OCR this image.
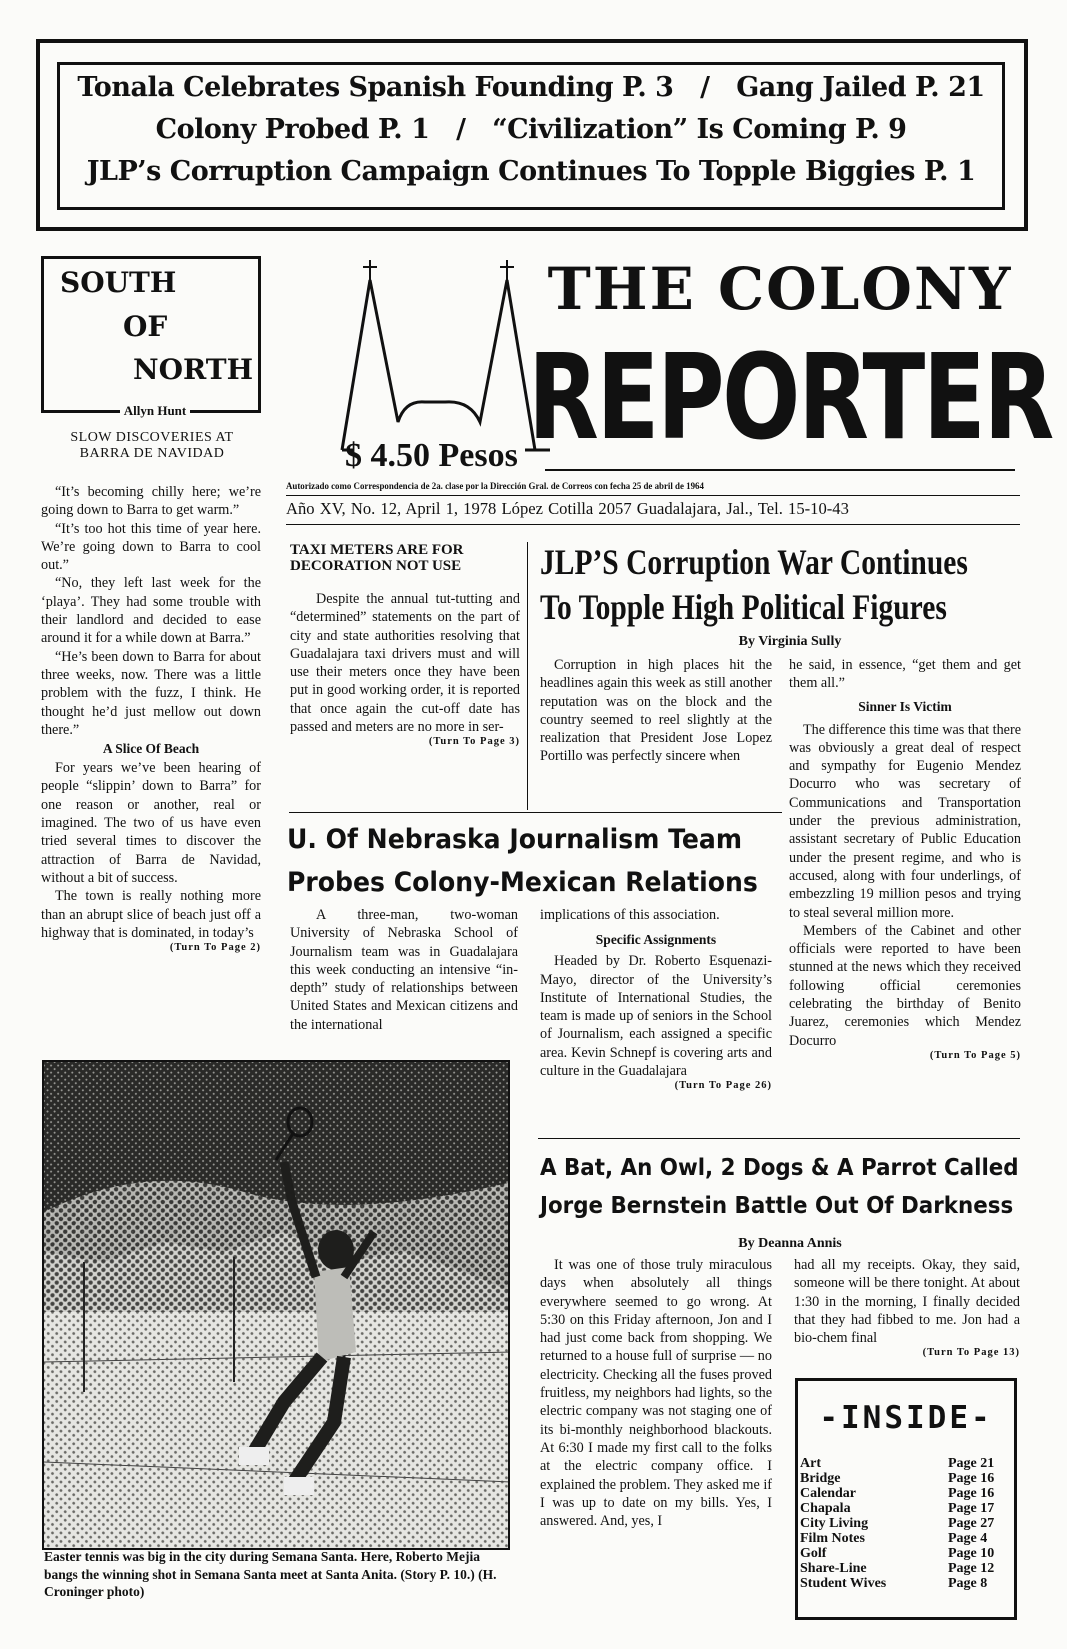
Tonala Celebrates Spanish Founding P. 3 / Gang Jailed P. 21
Colony Probed P. 1 / “Civilization” Is Coming P. 9
JLP’s Corruption Campaign Continues To Topple Biggies P. 1
SOUTH
OF
NORTH
Allyn Hunt
SLOW DISCOVERIES AT BARRA DE NAVIDAD

“It’s becoming chilly here; we’re going down to Barra to get warm.”

“It’s too hot this time of year here. We’re going down to Barra to cool out.”

“No, they left last week for the ‘playa’. They had some trouble with their landlord and decided to ease around it for a while down at Barra.”

“He’s been down to Barra for about three weeks, now. There was a little problem with the fuzz, I think. He thought he’d just mellow out down there.”

A Slice Of Beach

For years we’ve been hearing of people “slippin’ down to Barra” for one reason or another, real or imagined. The two of us have even tried several times to discover the attraction of Barra de Navidad, without a bit of success.

The town is really nothing more than an abrupt slice of beach just off a highway that is dominated, in today’s

(Turn To Page 2)
THE COLONY
REPORTER
$ 4.50 Pesos
Autorizado como Correspondencia de 2a. clase por la Dirección Gral. de Correos con fecha 25 de abril de 1964
Año XV, No. 12, April 1, 1978 López Cotilla 2057 Guadalajara, Jal., Tel. 15-10-43
TAXI METERS ARE FOR DECORATION NOT USE

Despite the annual tut-tutting and “determined” statements on the part of city and state authorities resolving that Guadalajara taxi drivers must and will use their meters once they have been put in good working order, it is reported that once again the cut-off date has passed and meters are no more in ser-

(Turn To Page 3)
JLP’S Corruption War Continues
To Topple High Political Figures
By Virginia Sully

Corruption in high places hit the headlines again this week as still another reputation was on the block and the country seemed to reel slightly at the realization that President Jose Lopez Portillo was perfectly sincere when

he said, in essence, “get them and get them all.”

Sinner Is Victim

The difference this time was that there was obviously a great deal of respect and sympathy for Eugenio Mendez Docurro who was secretary of Communications and Transportation under the previous administration, assistant secretary of Public Education under the present regime, and who is accused, along with four underlings, of embezzling 19 million pesos and trying to steal several million more.

Members of the Cabinet and other officials were reported to have been stunned at the news which they received following official ceremonies celebrating the birthday of Benito Juarez, ceremonies which Mendez Docurro

(Turn To Page 5)
U. Of Nebraska Journalism Team
Probes Colony-Mexican Relations

A three-man, two-woman University of Nebraska School of Journalism team was in Guadalajara this week conducting an intensive “in-depth” study of relationships between United States and Mexican citizens and the international

implications of this association.

Specific Assignments

Headed by Dr. Roberto Esquenazi-Mayo, director of the University’s Institute of International Studies, the team is made up of seniors in the School of Journalism, each assigned a specific area. Kevin Schnepf is covering arts and culture in the Guadalajara

(Turn To Page 26)
Easter tennis was big in the city during Semana Santa. Here, Roberto Mejia bangs the winning shot in Semana Santa meet at Santa Anita. (Story P. 10.) (H. Croninger photo)
A Bat, An Owl, 2 Dogs & A Parrot Called
Jorge Bernstein Battle Out Of Darkness
By Deanna Annis

It was one of those truly miraculous days when absolutely all things everywhere seemed to go wrong. At 5:30 on this Friday afternoon, Jon and I had just come back from shopping. We returned to a house full of surprise — no electricity. Checking all the fuses proved fruitless, my neighbors had lights, so the electric company was not staging one of its bi-monthly neighborhood blackouts. At 6:30 I made my first call to the folks at the electric company office. I explained the problem. They asked me if I was up to date on my bills. Yes, I answered. And, yes, I

had all my receipts. Okay, they said, someone will be there tonight. At about 1:30 in the morning, I finally decided that they had fibbed to me. Jon had a bio-chem final

(Turn To Page 13)
-INSIDE-
Art	Page 21
Bridge	Page 16
Calendar	Page 16
Chapala	Page 17
City Living	Page 27
Film Notes	Page 4
Golf	Page 10
Share-Line	Page 12
Student Wives	Page 8
